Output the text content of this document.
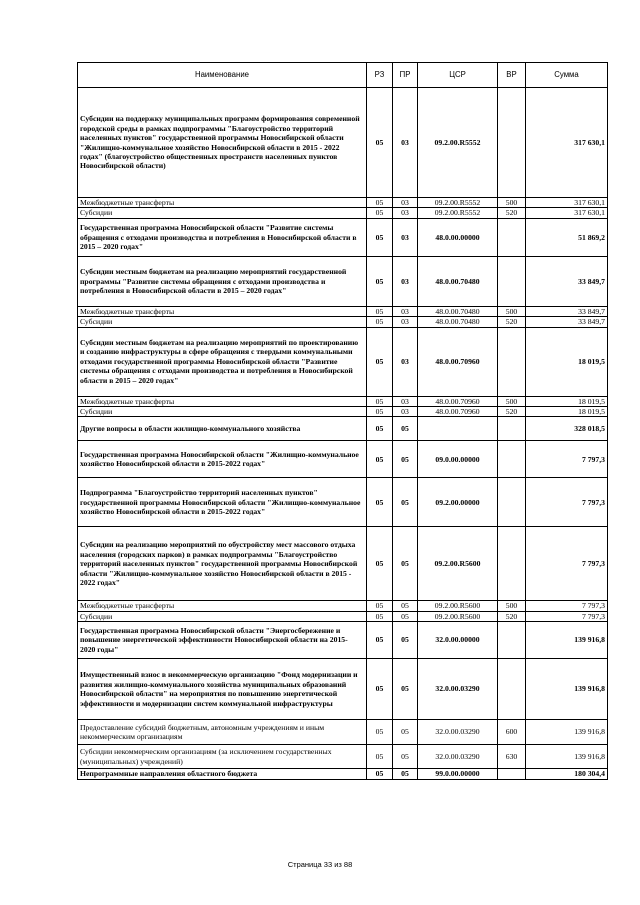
Наименование	РЗ	ПР	ЦСР	ВР	Сумма
Субсидии на поддержку муниципальных программ формирования современной городской среды в рамках подпрограммы "Благоустройство территорий населенных пунктов" государственной программы Новосибирской области "Жилищно-коммунальное хозяйство Новосибирской области в 2015 - 2022 годах" (благоустройство общественных пространств населенных пунктов Новосибирской области)	05	03	09.2.00.R5552		317 630,1
Межбюджетные трансферты	05	03	09.2.00.R5552	500	317 630,1
Субсидии	05	03	09.2.00.R5552	520	317 630,1
Государственная программа Новосибирской области "Развитие системы обращения с отходами производства и потребления в Новосибирской области в 2015 – 2020 годах"	05	03	48.0.00.00000		51 869,2
Субсидии местным бюджетам на реализацию мероприятий государственной программы "Развитие системы обращения с отходами производства и потребления в Новосибирской области в 2015 – 2020 годах"	05	03	48.0.00.70480		33 849,7
Межбюджетные трансферты	05	03	48.0.00.70480	500	33 849,7
Субсидии	05	03	48.0.00.70480	520	33 849,7
Субсидии местным бюджетам на реализацию мероприятий по проектированию и созданию инфраструктуры в сфере обращения с твердыми коммунальными отходами государственной программы Новосибирской области "Развитие системы обращения с отходами производства и потребления в Новосибирской области в 2015 – 2020 годах"	05	03	48.0.00.70960		18 019,5
Межбюджетные трансферты	05	03	48.0.00.70960	500	18 019,5
Субсидии	05	03	48.0.00.70960	520	18 019,5
Другие вопросы в области жилищно-коммунального хозяйства	05	05			328 018,5
Государственная программа Новосибирской области "Жилищно-коммунальное хозяйство Новосибирской области в 2015-2022 годах"	05	05	09.0.00.00000		7 797,3
Подпрограмма "Благоустройство территорий населенных пунктов" государственной программы Новосибирской области "Жилищно-коммунальное хозяйство Новосибирской области в 2015-2022 годах"	05	05	09.2.00.00000		7 797,3
Субсидии на реализацию мероприятий по обустройству мест массового отдыха населения (городских парков) в рамках подпрограммы "Благоустройство территорий населенных пунктов" государственной программы Новосибирской области "Жилищно-коммунальное хозяйство Новосибирской области в 2015 - 2022 годах"	05	05	09.2.00.R5600		7 797,3
Межбюджетные трансферты	05	05	09.2.00.R5600	500	7 797,3
Субсидии	05	05	09.2.00.R5600	520	7 797,3
Государственная программа Новосибирской области "Энергосбережение и повышение энергетической эффективности Новосибирской области на 2015- 2020 годы"	05	05	32.0.00.00000		139 916,8
Имущественный взнос в некоммерческую организацию "Фонд модернизации и развития жилищно-коммунального хозяйства муниципальных образований Новосибирской области" на мероприятия по повышению энергетической эффективности и модернизации систем коммунальной инфраструктуры	05	05	32.0.00.03290		139 916,8
Предоставление субсидий бюджетным, автономным учреждениям и иным некоммерческим организациям	05	05	32.0.00.03290	600	139 916,8
Субсидии некоммерческим организациям (за исключением государственных (муниципальных) учреждений)	05	05	32.0.00.03290	630	139 916,8
Непрограммные направления областного бюджета	05	05	99.0.00.00000		180 304,4
Страница 33 из 88
